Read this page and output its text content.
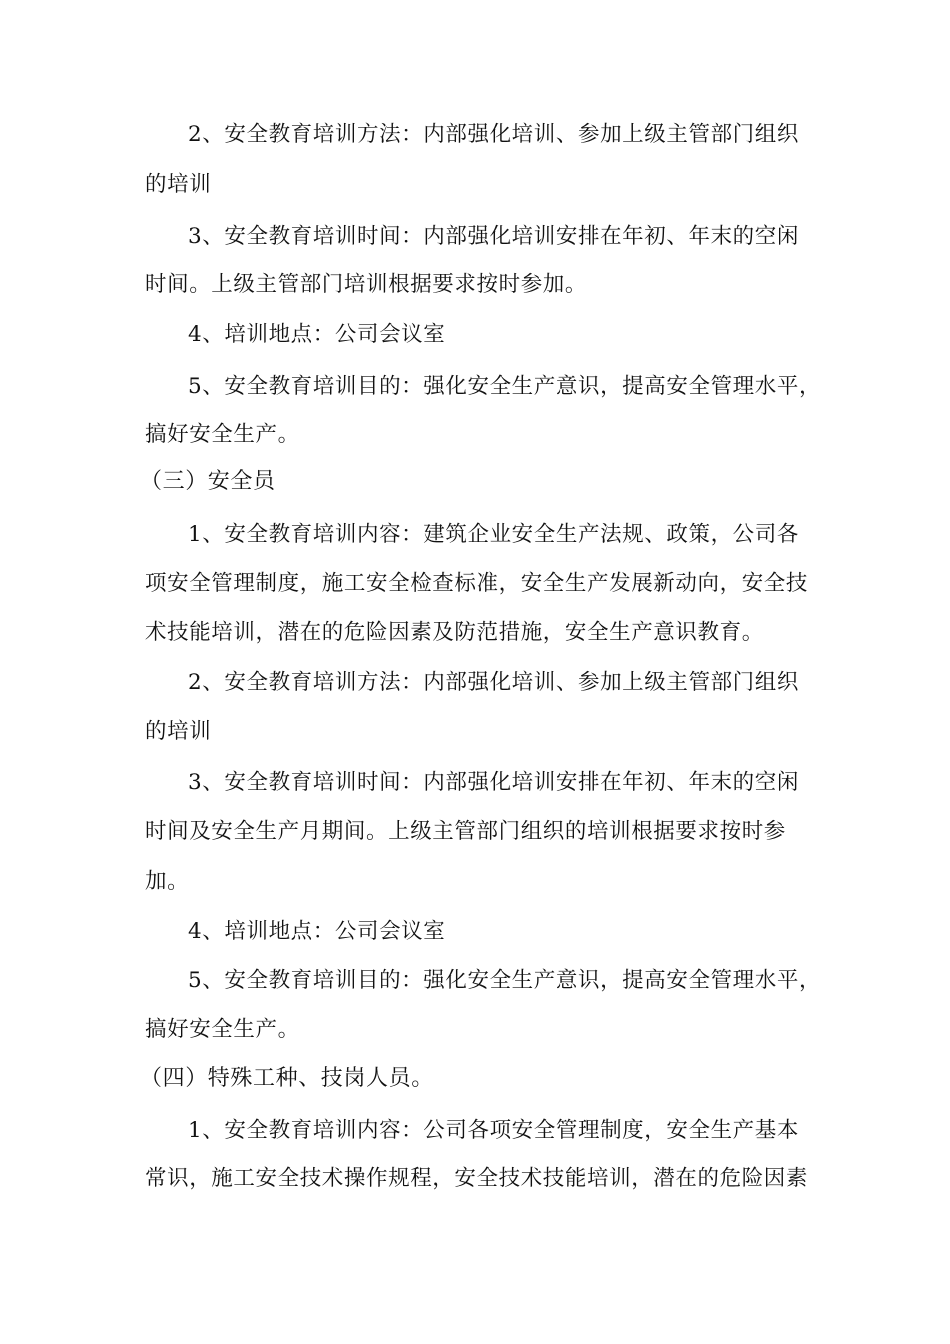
2、安全教育培训方法：内部强化培训、参加上级主管部门组织

的培训

3、安全教育培训时间：内部强化培训安排在年初、年末的空闲

时间。上级主管部门培训根据要求按时参加。

4、培训地点：公司会议室

5、安全教育培训目的：强化安全生产意识，提高安全管理水平，

搞好安全生产。

（三）安全员

1、安全教育培训内容：建筑企业安全生产法规、政策，公司各

项安全管理制度，施工安全检查标准，安全生产发展新动向，安全技

术技能培训，潜在的危险因素及防范措施，安全生产意识教育。

2、安全教育培训方法：内部强化培训、参加上级主管部门组织

的培训

3、安全教育培训时间：内部强化培训安排在年初、年末的空闲

时间及安全生产月期间。上级主管部门组织的培训根据要求按时参

加。

4、培训地点：公司会议室

5、安全教育培训目的：强化安全生产意识，提高安全管理水平，

搞好安全生产。

（四）特殊工种、技岗人员。

1、安全教育培训内容：公司各项安全管理制度，安全生产基本

常识，施工安全技术操作规程，安全技术技能培训，潜在的危险因素
